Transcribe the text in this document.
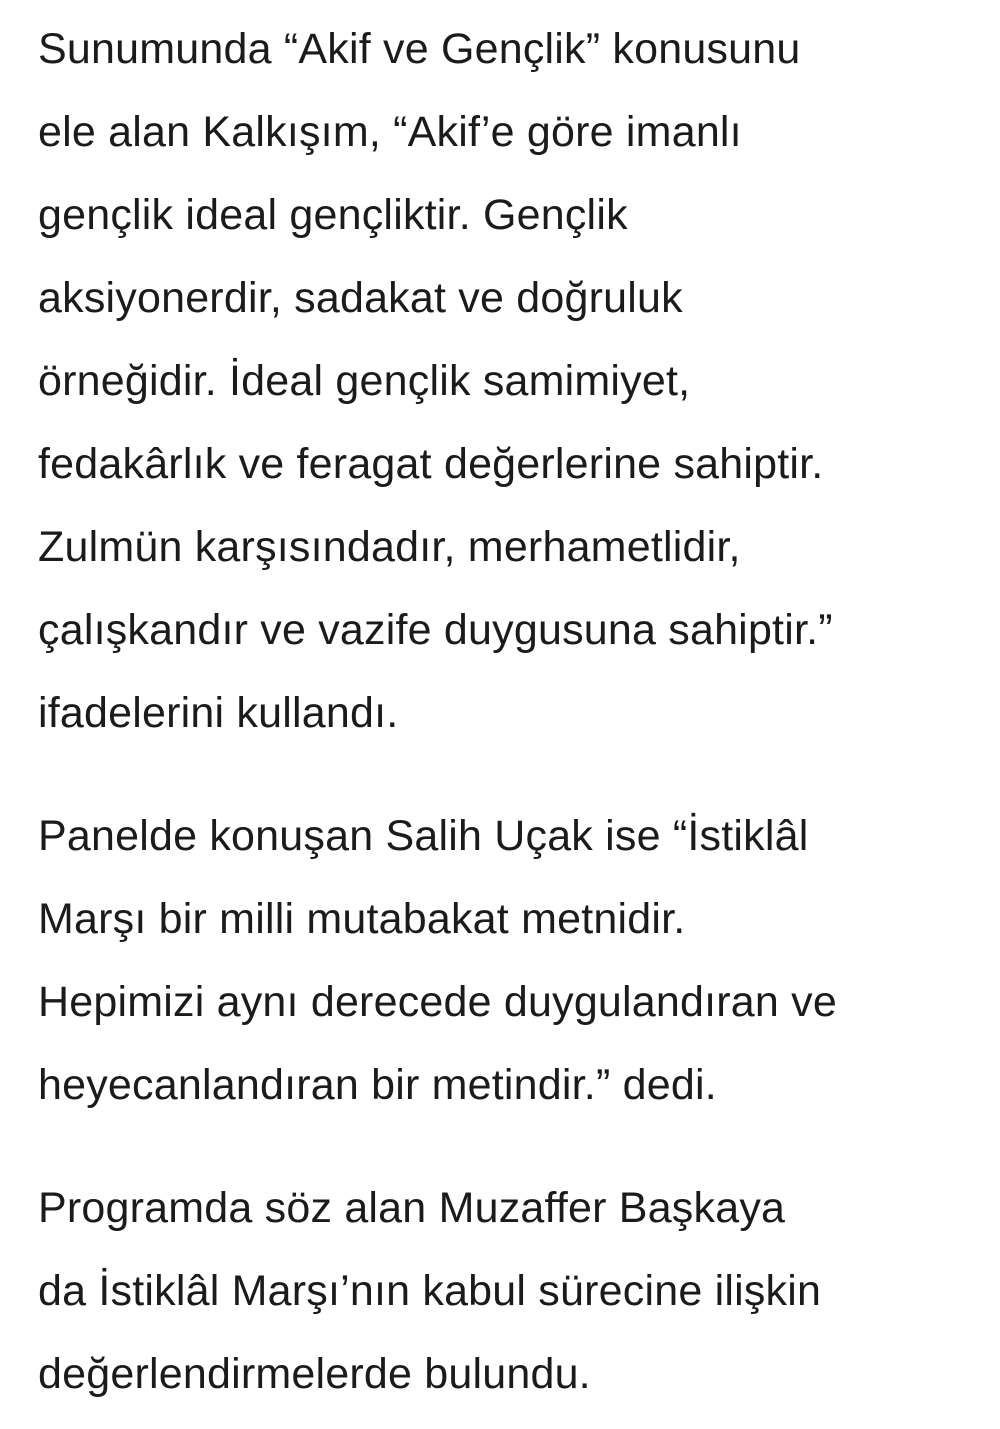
Sunumunda “Akif ve Gençlik” konusunu
ele alan Kalkışım, “Akif’e göre imanlı
gençlik ideal gençliktir. Gençlik
aksiyonerdir, sadakat ve doğruluk
örneğidir. İdeal gençlik samimiyet,
fedakârlık ve feragat değerlerine sahiptir.
Zulmün karşısındadır, merhametlidir,
çalışkandır ve vazife duygusuna sahiptir.”
ifadelerini kullandı.

Panelde konuşan Salih Uçak ise “İstiklâl
Marşı bir milli mutabakat metnidir.
Hepimizi aynı derecede duygulandıran ve
heyecanlandıran bir metindir.” dedi.

Programda söz alan Muzaffer Başkaya
da İstiklâl Marşı’nın kabul sürecine ilişkin
değerlendirmelerde bulundu.
